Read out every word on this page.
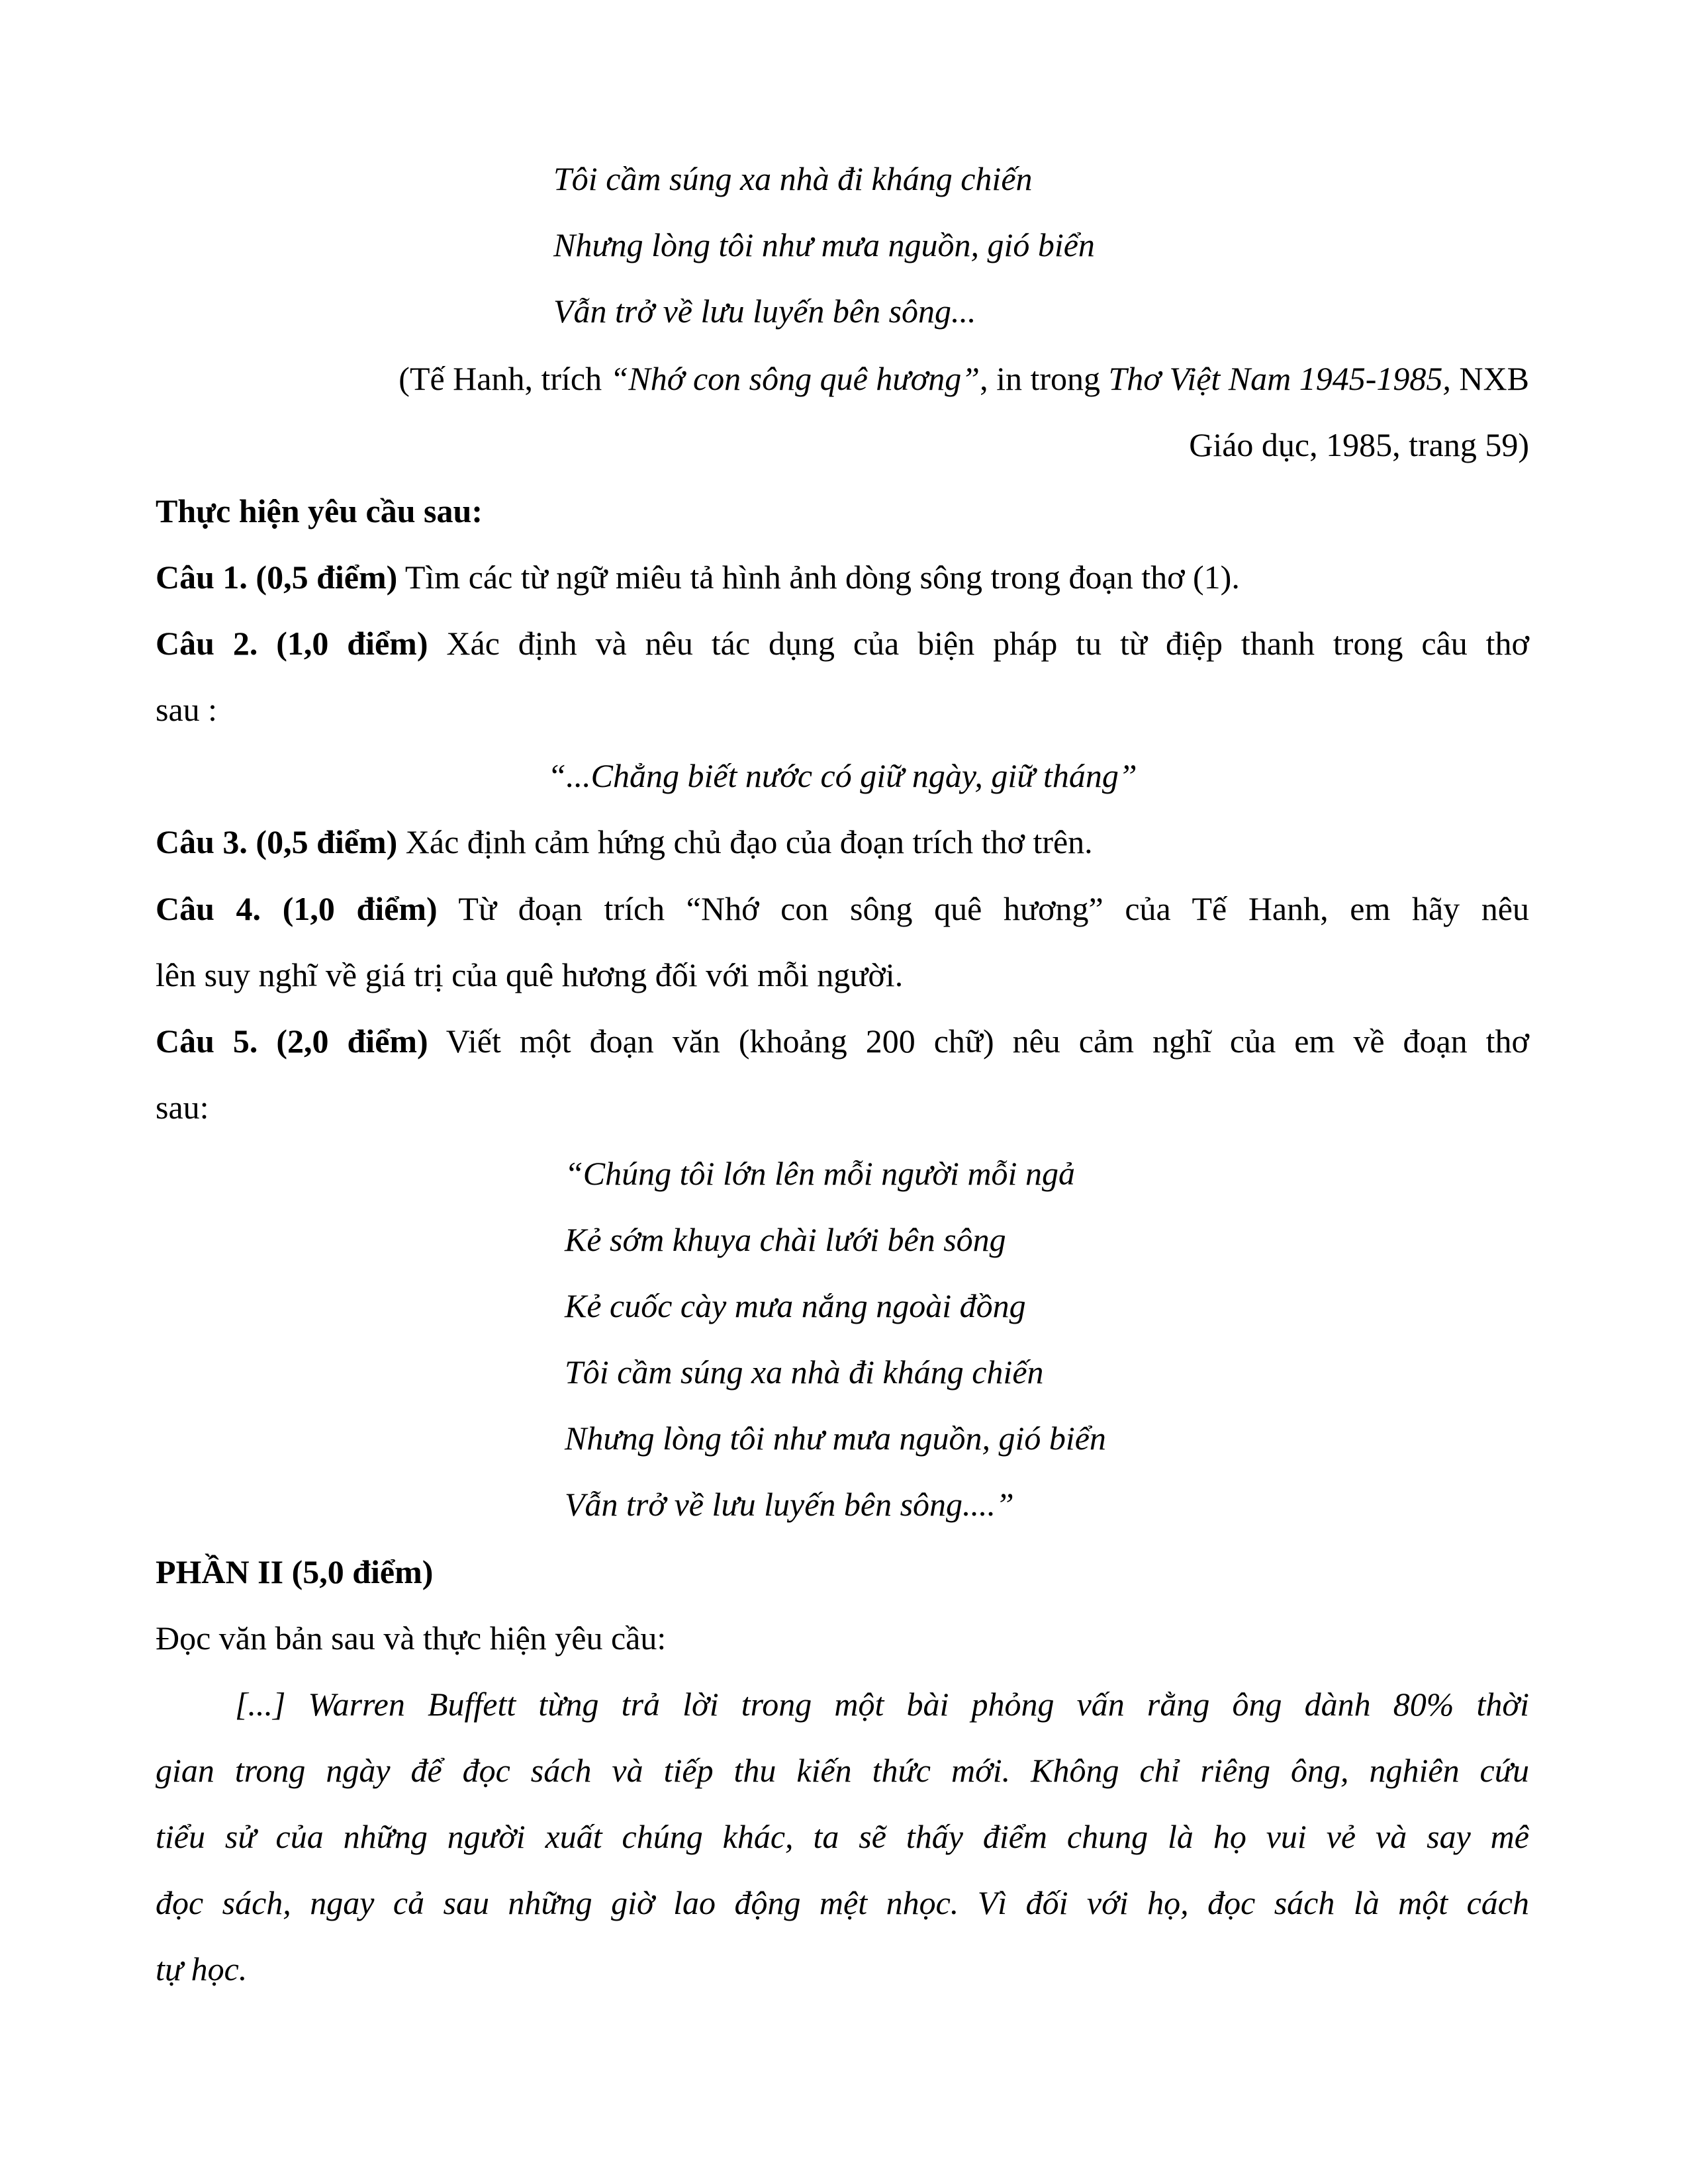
Tôi cầm súng xa nhà đi kháng chiến
Nhưng lòng tôi như mưa nguồn, gió biển
Vẫn trở về lưu luyến bên sông...
(Tế Hanh, trích “Nhớ con sông quê hương”, in trong Thơ Việt Nam 1945-1985, NXB
Giáo dục, 1985, trang 59)
Thực hiện yêu cầu sau:
Câu 1. (0,5 điểm) Tìm các từ ngữ miêu tả hình ảnh dòng sông trong đoạn thơ (1).
Câu 2. (1,0 điểm) Xác định và nêu tác dụng của biện pháp tu từ điệp thanh trong câu thơ
sau :
“...Chẳng biết nước có giữ ngày, giữ tháng”
Câu 3. (0,5 điểm) Xác định cảm hứng chủ đạo của đoạn trích thơ trên.
Câu 4. (1,0 điểm) Từ đoạn trích “Nhớ con sông quê hương” của Tế Hanh, em hãy nêu
lên suy nghĩ về giá trị của quê hương đối với mỗi người.
Câu 5. (2,0 điểm) Viết một đoạn văn (khoảng 200 chữ) nêu cảm nghĩ của em về đoạn thơ
sau:
“Chúng tôi lớn lên mỗi người mỗi ngả
Kẻ sớm khuya chài lưới bên sông
Kẻ cuốc cày mưa nắng ngoài đồng
Tôi cầm súng xa nhà đi kháng chiến
Nhưng lòng tôi như mưa nguồn, gió biển
Vẫn trở về lưu luyến bên sông....”
PHẦN II (5,0 điểm)
Đọc văn bản sau và thực hiện yêu cầu:
[...] Warren Buffett từng trả lời trong một bài phỏng vấn rằng ông dành 80% thời
gian trong ngày để đọc sách và tiếp thu kiến thức mới. Không chỉ riêng ông, nghiên cứu
tiểu sử của những người xuất chúng khác, ta sẽ thấy điểm chung là họ vui vẻ và say mê
đọc sách, ngay cả sau những giờ lao động mệt nhọc. Vì đối với họ, đọc sách là một cách
tự học.
